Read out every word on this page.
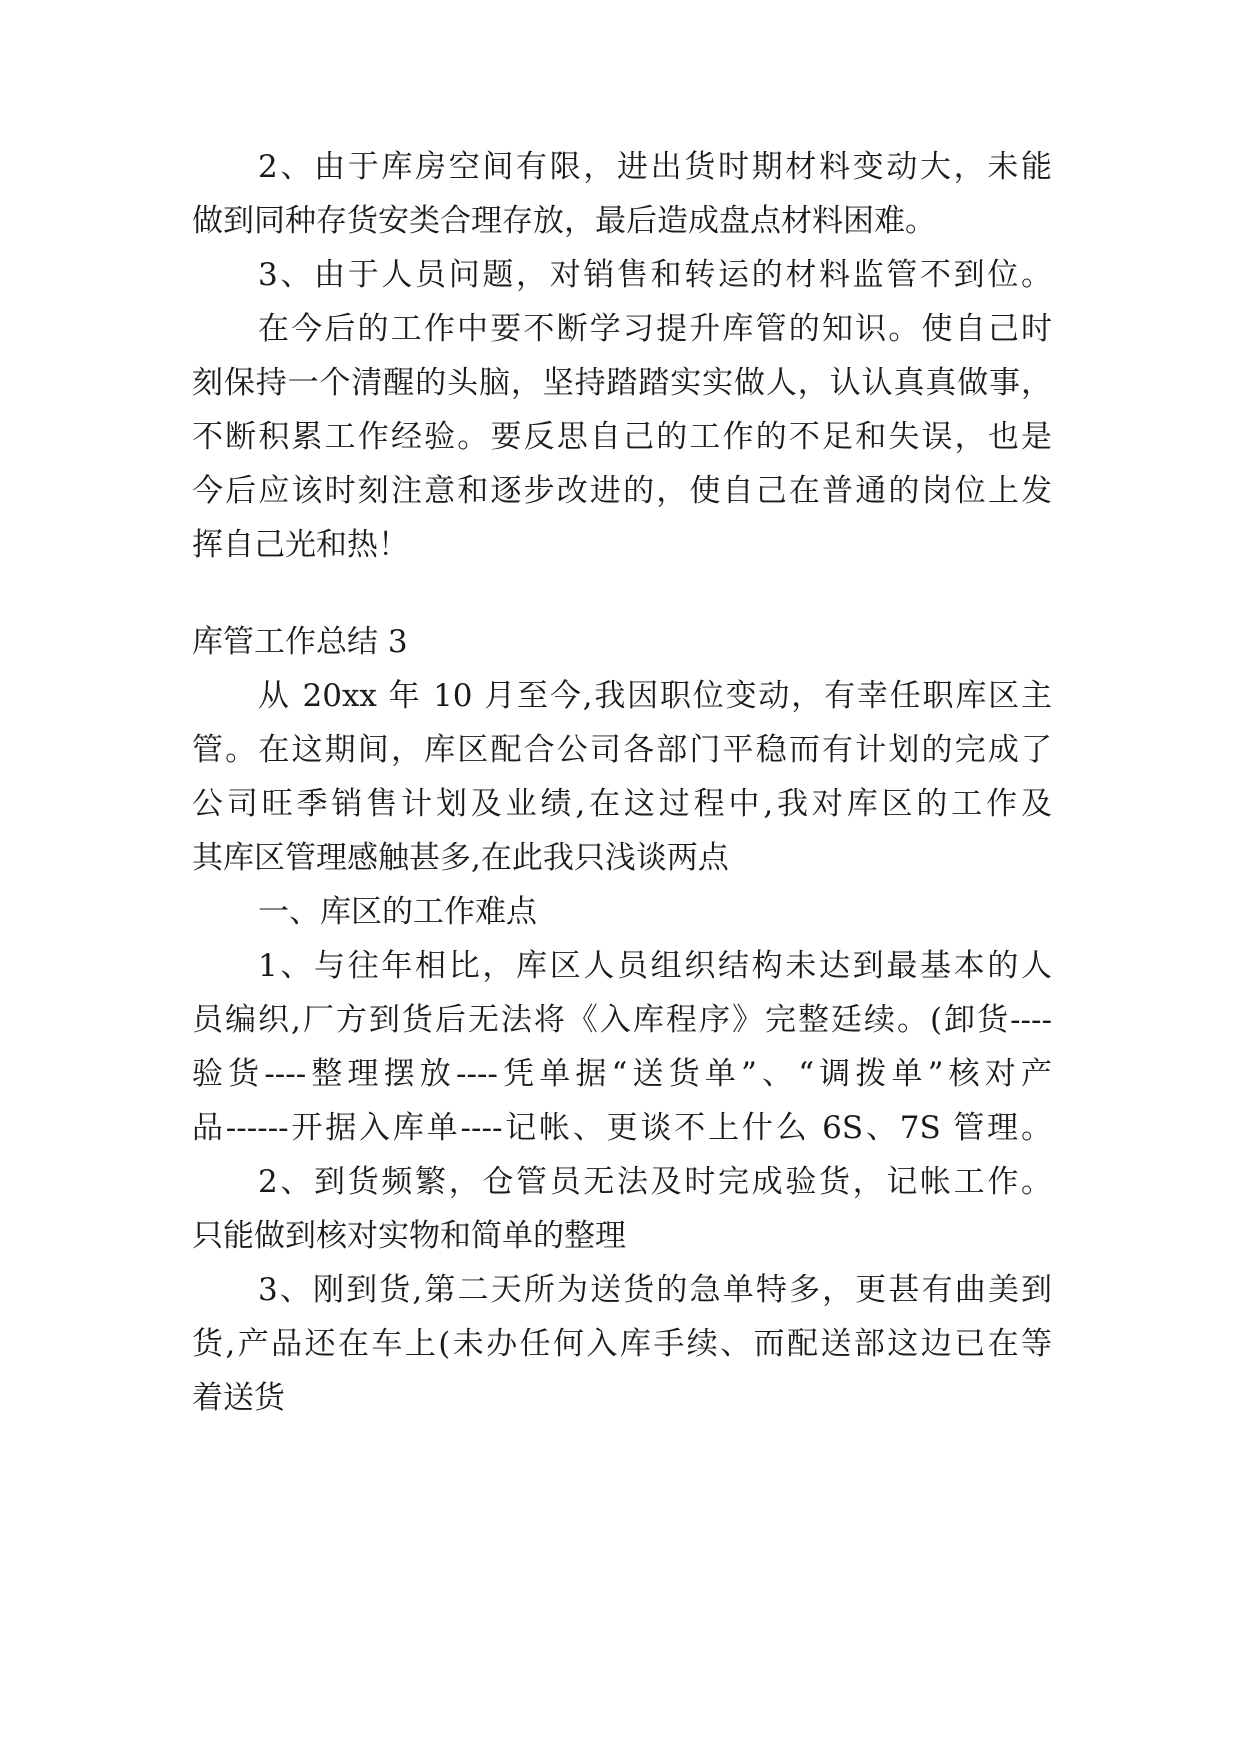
2、由于库房空间有限，进出货时期材料变动大，未能
做到同种存货安类合理存放，最后造成盘点材料困难。
3、由于人员问题，对销售和转运的材料监管不到位。
在今后的工作中要不断学习提升库管的知识。使自己时
刻保持一个清醒的头脑，坚持踏踏实实做人，认认真真做事，
不断积累工作经验。要反思自己的工作的不足和失误，也是
今后应该时刻注意和逐步改进的，使自己在普通的岗位上发
挥自己光和热！
库管工作总结 3
从 20xx 年 10 月至今,我因职位变动，有幸任职库区主
管。在这期间，库区配合公司各部门平稳而有计划的完成了
公司旺季销售计划及业绩,在这过程中,我对库区的工作及
其库区管理感触甚多,在此我只浅谈两点
一、库区的工作难点
1、与往年相比，库区人员组织结构未达到最基本的人
员编织,厂方到货后无法将《入库程序》完整廷续。(卸货----
验货----整理摆放----凭单据“送货单”、“调拨单”核对产
品------开据入库单----记帐、更谈不上什么 6S、7S 管理。
2、到货频繁，仓管员无法及时完成验货，记帐工作。
只能做到核对实物和简单的整理
3、刚到货,第二天所为送货的急单特多，更甚有曲美到
货,产品还在车上(未办任何入库手续、而配送部这边已在等
着送货
